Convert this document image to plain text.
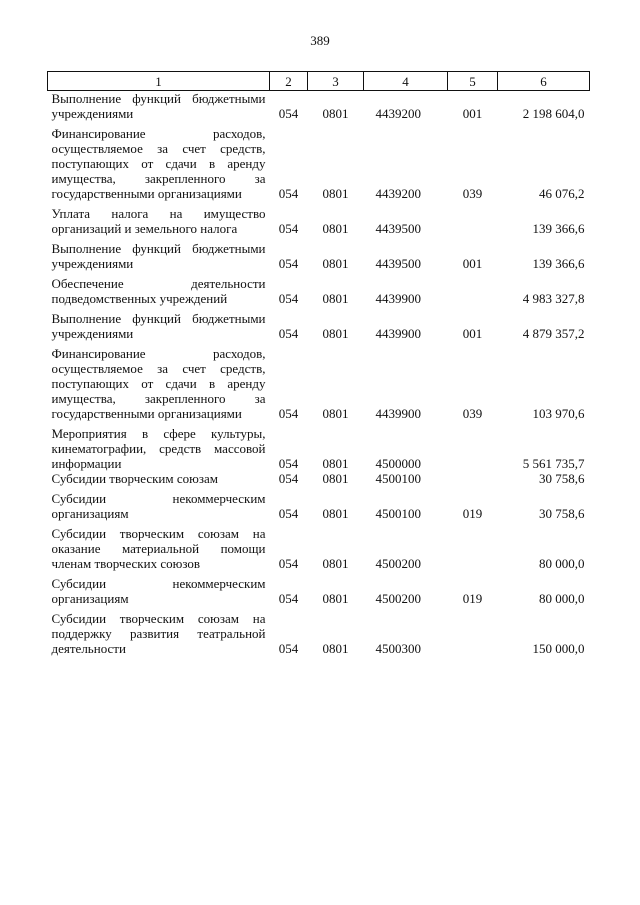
389
1	2	3	4	5	6
Выполнение функций бюджетными учреждениями	054	0801	4439200	001	2 198 604,0
Финансирование расходов, осуществляемое за счет средств, поступающих от сдачи в аренду имущества, закрепленного за государственными организациями	054	0801	4439200	039	46 076,2
Уплата налога на имущество организаций и земельного налога	054	0801	4439500		139 366,6
Выполнение функций бюджетными учреждениями	054	0801	4439500	001	139 366,6
Обеспечение деятельности подведомственных учреждений	054	0801	4439900		4 983 327,8
Выполнение функций бюджетными учреждениями	054	0801	4439900	001	4 879 357,2
Финансирование расходов, осуществляемое за счет средств, поступающих от сдачи в аренду имущества, закрепленного за государственными организациями	054	0801	4439900	039	103 970,6
Мероприятия в сфере культуры, кинематографии, средств массовой информации	054	0801	4500000		5 561 735,7
Субсидии творческим союзам	054	0801	4500100		30 758,6
Субсидии некоммерческим организациям	054	0801	4500100	019	30 758,6
Субсидии творческим союзам на оказание материальной помощи членам творческих союзов	054	0801	4500200		80 000,0
Субсидии некоммерческим организациям	054	0801	4500200	019	80 000,0
Субсидии творческим союзам на поддержку развития театральной деятельности	054	0801	4500300		150 000,0
